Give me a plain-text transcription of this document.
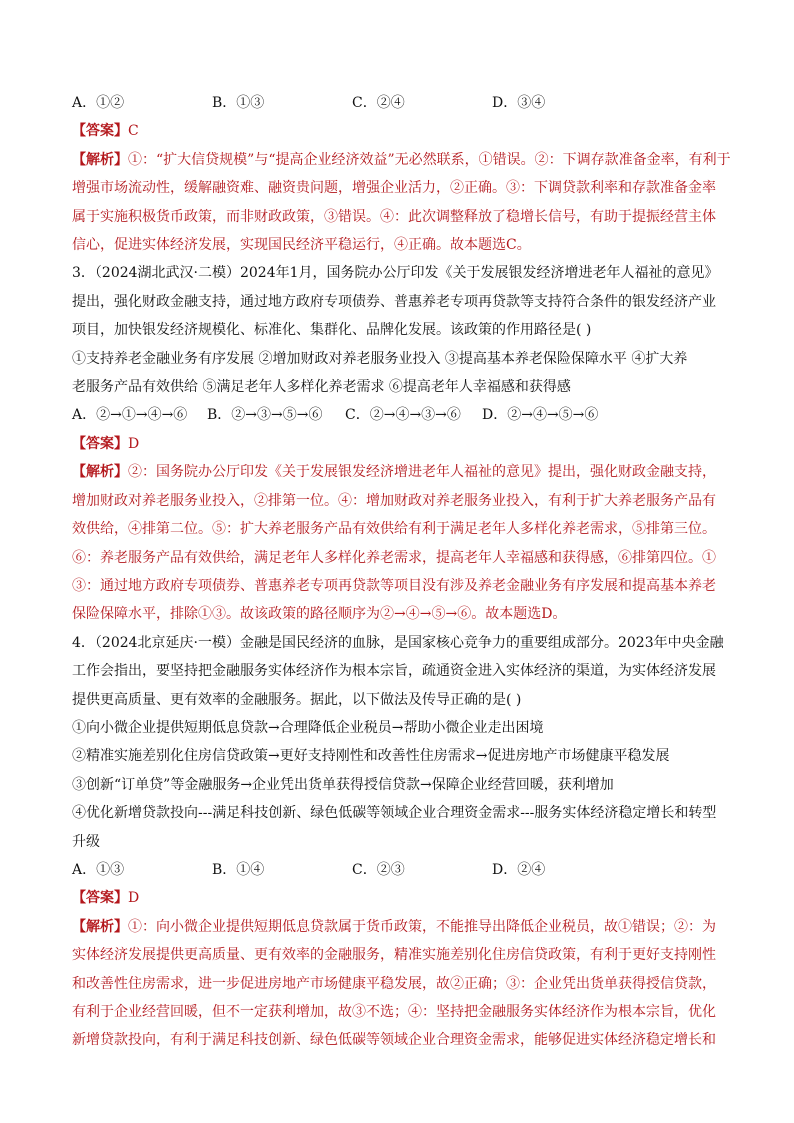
A．①②	B．①③	C．②④	D．③④
【答案】C
【解析】①：“扩大信贷规模”与“提高企业经济效益”无必然联系，①错误。②：下调存款准备金率，有利于
增强市场流动性，缓解融资难、融资贵问题，增强企业活力，②正确。③：下调贷款利率和存款准备金率
属于实施积极货币政策，而非财政政策，③错误。④：此次调整释放了稳增长信号，有助于提振经营主体
信心，促进实体经济发展，实现国民经济平稳运行，④正确。故本题选C。
3．（2024湖北武汉·二模）2024年1月，国务院办公厅印发《关于发展银发经济增进老年人福祉的意见》
提出，强化财政金融支持，通过地方政府专项债券、普惠养老专项再贷款等支持符合条件的银发经济产业
项目，加快银发经济规模化、标准化、集群化、品牌化发展。该政策的作用路径是( )
①支持养老金融业务有序发展 ②增加财政对养老服务业投入 ③提高基本养老保险保障水平 ④扩大养
老服务产品有效供给 ⑤满足老年人多样化养老需求 ⑥提高老年人幸福感和获得感
A．②→①→④→⑥	B．②→③→⑤→⑥	C．②→④→③→⑥	D．②→④→⑤→⑥
【答案】D
【解析】②：国务院办公厅印发《关于发展银发经济增进老年人福祉的意见》提出，强化财政金融支持，
增加财政对养老服务业投入，②排第一位。④：增加财政对养老服务业投入，有利于扩大养老服务产品有
效供给，④排第二位。⑤：扩大养老服务产品有效供给有利于满足老年人多样化养老需求，⑤排第三位。
⑥：养老服务产品有效供给，满足老年人多样化养老需求，提高老年人幸福感和获得感，⑥排第四位。①
③：通过地方政府专项债券、普惠养老专项再贷款等项目没有涉及养老金融业务有序发展和提高基本养老
保险保障水平，排除①③。故该政策的路径顺序为②→④→⑤→⑥。故本题选D。
4．（2024北京延庆·一模）金融是国民经济的血脉，是国家核心竞争力的重要组成部分。2023年中央金融
工作会指出，要坚持把金融服务实体经济作为根本宗旨，疏通资金进入实体经济的渠道，为实体经济发展
提供更高质量、更有效率的金融服务。据此，以下做法及传导正确的是( )
①向小微企业提供短期低息贷款→合理降低企业税员→帮助小微企业走出困境
②精准实施差别化住房信贷政策→更好支持刚性和改善性住房需求→促进房地产市场健康平稳发展
③创新“订单贷”等金融服务→企业凭出货单获得授信贷款→保障企业经营回暖，获利增加
④优化新增贷款投向---满足科技创新、绿色低碳等领域企业合理资金需求---服务实体经济稳定增长和转型
升级
A．①③	B．①④	C．②③	D．②④
【答案】D
【解析】①：向小微企业提供短期低息贷款属于货币政策，不能推导出降低企业税员，故①错误；②：为
实体经济发展提供更高质量、更有效率的金融服务，精准实施差别化住房信贷政策，有利于更好支持刚性
和改善性住房需求，进一步促进房地产市场健康平稳发展，故②正确；③：企业凭出货单获得授信贷款，
有利于企业经营回暖，但不一定获利增加，故③不选；④：坚持把金融服务实体经济作为根本宗旨，优化
新增贷款投向，有利于满足科技创新、绿色低碳等领域企业合理资金需求，能够促进实体经济稳定增长和
